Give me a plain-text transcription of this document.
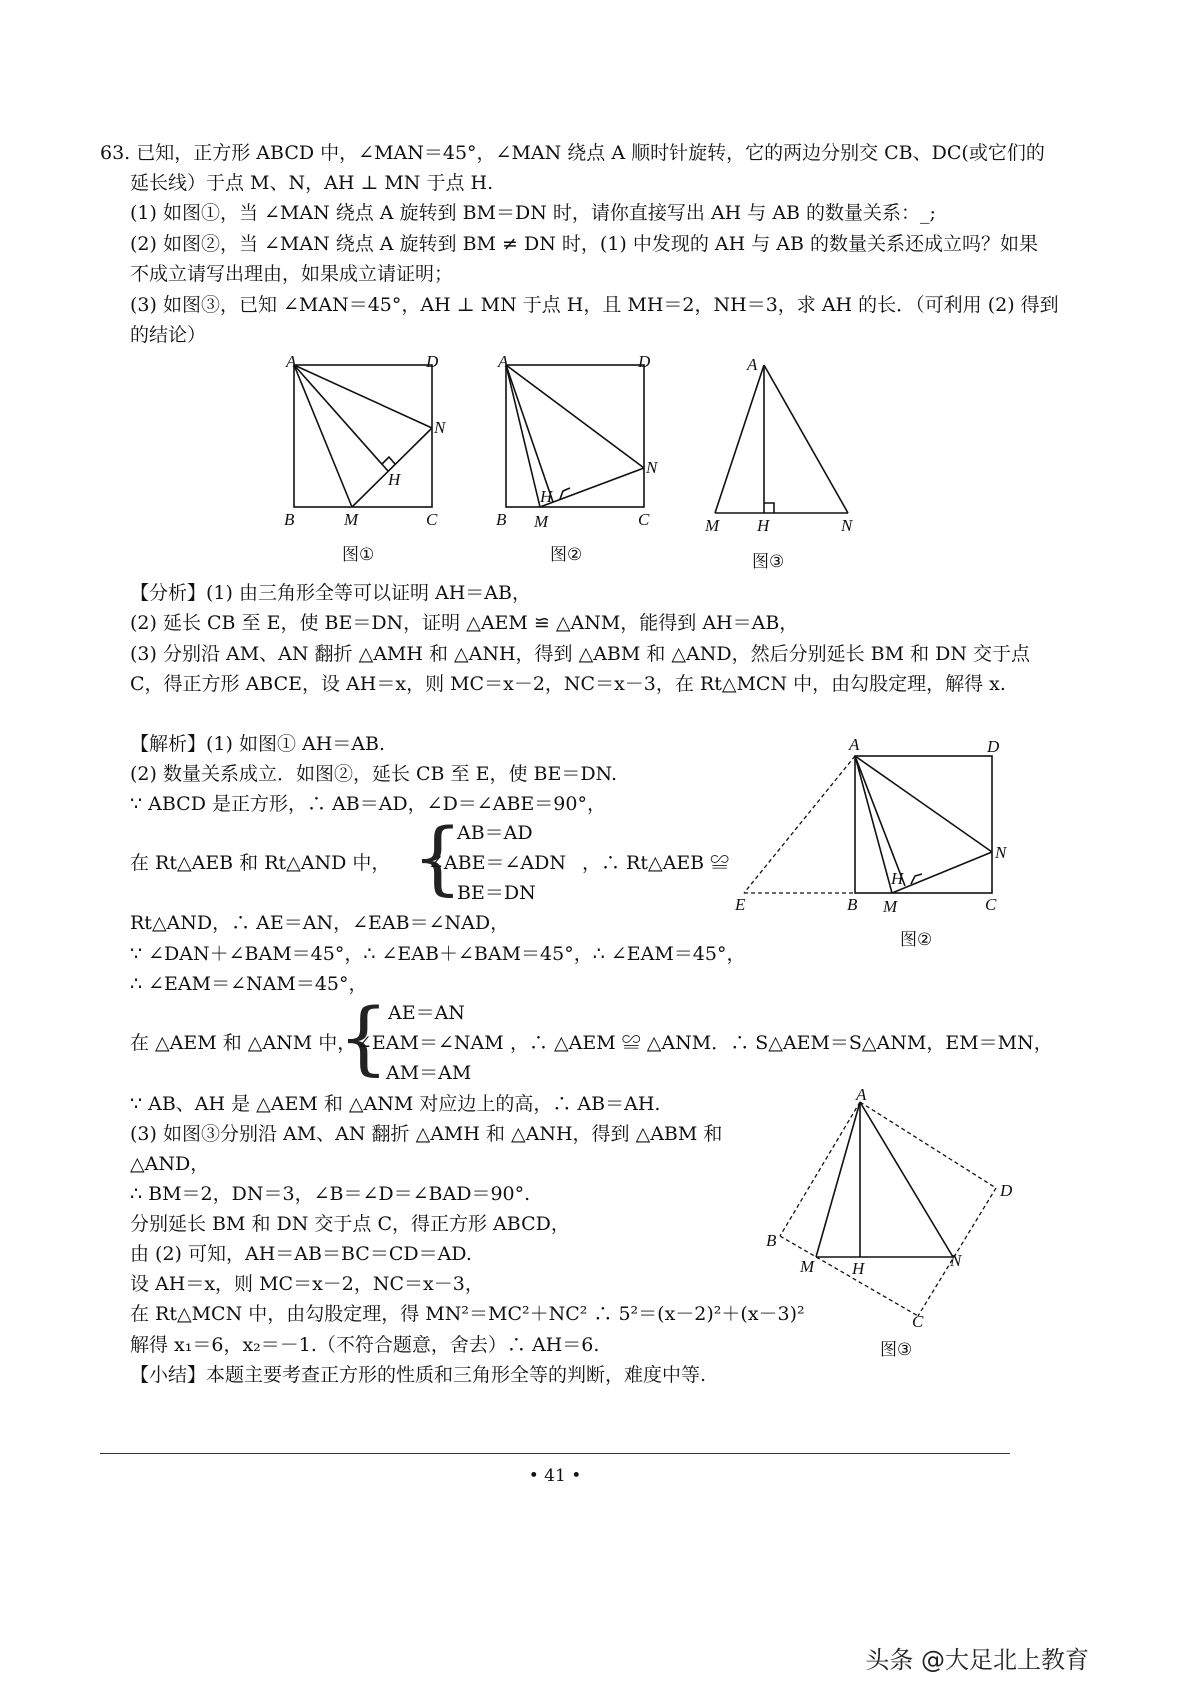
63. 已知，正方形 ABCD 中，∠MAN＝45°，∠MAN 绕点 A 顺时针旋转，它的两边分别交 CB、DC(或它们的
延长线）于点 M、N，AH ⊥ MN 于点 H.
(1) 如图①，当 ∠MAN 绕点 A 旋转到 BM＝DN 时，请你直接写出 AH 与 AB 的数量关系：_;
(2) 如图②，当 ∠MAN 绕点 A 旋转到 BM ≠ DN 时，(1) 中发现的 AH 与 AB 的数量关系还成立吗？如果
不成立请写出理由，如果成立请证明；
(3) 如图③，已知 ∠MAN＝45°，AH ⊥ MN 于点 H，且 MH＝2，NH＝3，求 AH 的长．（可利用 (2) 得到
的结论）
A	D
B	M	C
N
H
图①
A	D
B M	C
N
H
图②
A
M H	N
图③
【分析】(1) 由三角形全等可以证明 AH＝AB，
(2) 延长 CB 至 E，使 BE＝DN，证明 △AEM ≌ △ANM，能得到 AH＝AB，
(3) 分别沿 AM、AN 翻折 △AMH 和 △ANH，得到 △ABM 和 △AND，然后分别延长 BM 和 DN 交于点
C，得正方形 ABCE，设 AH＝x，则 MC＝x－2，NC＝x－3，在 Rt△MCN 中，由勾股定理，解得 x.
【解析】(1) 如图① AH＝AB.
(2) 数量关系成立．如图②，延长 CB 至 E，使 BE＝DN.
∵ ABCD 是正方形，∴ AB＝AD，∠D＝∠ABE＝90°，
AB＝AD
在 Rt△AEB 和 Rt△AND 中， {
∠ABE＝∠ADN ，∴ Rt△AEB ≌
BE＝DN
Rt△AND，∴ AE＝AN，∠EAB＝∠NAD，
∵ ∠DAN＋∠BAM＝45°，∴ ∠EAB＋∠BAM＝45°，∴ ∠EAM＝45°，
∴ ∠EAM＝∠NAM＝45°，
AE＝AN
在 △AEM 和 △ANM 中，
{
∠EAM＝∠NAM ，∴ △AEM ≌ △ANM．∴ S△AEM＝S△ANM，EM＝MN，
AM＝AM
∵ AB、AH 是 △AEM 和 △ANM 对应边上的高，∴ AB＝AH.
(3) 如图③分别沿 AM、AN 翻折 △AMH 和 △ANH，得到 △ABM 和
△AND，
∴ BM＝2，DN＝3，∠B＝∠D＝∠BAD＝90°.
分别延长 BM 和 DN 交于点 C，得正方形 ABCD，
由 (2) 可知，AH＝AB＝BC＝CD＝AD.
设 AH＝x，则 MC＝x－2，NC＝x－3，
在 Rt△MCN 中，由勾股定理，得 MN²＝MC²＋NC² ∴ 5²＝(x－2)²＋(x－3)²
解得 x₁＝6，x₂＝－1.（不符合题意，舍去）∴ AH＝6.
【小结】本题主要考查正方形的性质和三角形全等的判断，难度中等.
A	D
N
H
E	B M	C
图②
A
B
D
M H	N
C
图③
• 41 •
头条 @大足北上教育
